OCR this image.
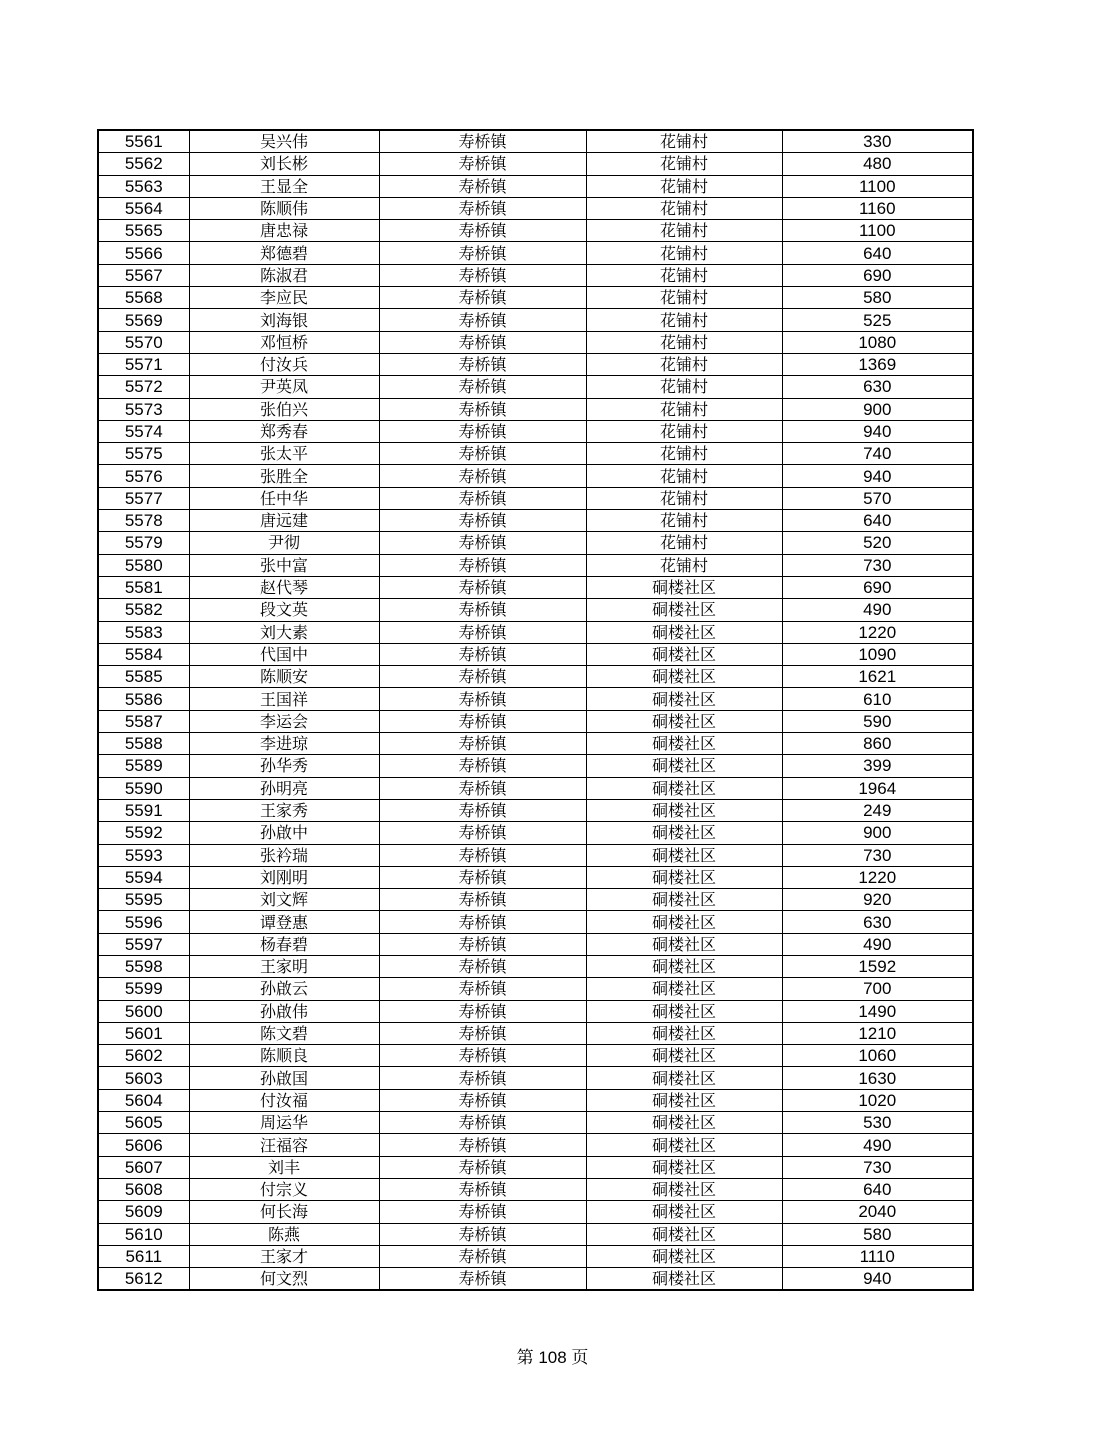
5561	吴兴伟	寿桥镇	花铺村	330
5562	刘长彬	寿桥镇	花铺村	480
5563	王显全	寿桥镇	花铺村	1100
5564	陈顺伟	寿桥镇	花铺村	1160
5565	唐忠禄	寿桥镇	花铺村	1100
5566	郑德碧	寿桥镇	花铺村	640
5567	陈淑君	寿桥镇	花铺村	690
5568	李应民	寿桥镇	花铺村	580
5569	刘海银	寿桥镇	花铺村	525
5570	邓恒桥	寿桥镇	花铺村	1080
5571	付汝兵	寿桥镇	花铺村	1369
5572	尹英凤	寿桥镇	花铺村	630
5573	张伯兴	寿桥镇	花铺村	900
5574	郑秀春	寿桥镇	花铺村	940
5575	张太平	寿桥镇	花铺村	740
5576	张胜全	寿桥镇	花铺村	940
5577	任中华	寿桥镇	花铺村	570
5578	唐远建	寿桥镇	花铺村	640
5579	尹彻	寿桥镇	花铺村	520
5580	张中富	寿桥镇	花铺村	730
5581	赵代琴	寿桥镇	硐楼社区	690
5582	段文英	寿桥镇	硐楼社区	490
5583	刘大素	寿桥镇	硐楼社区	1220
5584	代国中	寿桥镇	硐楼社区	1090
5585	陈顺安	寿桥镇	硐楼社区	1621
5586	王国祥	寿桥镇	硐楼社区	610
5587	李运会	寿桥镇	硐楼社区	590
5588	李进琼	寿桥镇	硐楼社区	860
5589	孙华秀	寿桥镇	硐楼社区	399
5590	孙明亮	寿桥镇	硐楼社区	1964
5591	王家秀	寿桥镇	硐楼社区	249
5592	孙啟中	寿桥镇	硐楼社区	900
5593	张衿瑞	寿桥镇	硐楼社区	730
5594	刘刚明	寿桥镇	硐楼社区	1220
5595	刘文辉	寿桥镇	硐楼社区	920
5596	谭登惠	寿桥镇	硐楼社区	630
5597	杨春碧	寿桥镇	硐楼社区	490
5598	王家明	寿桥镇	硐楼社区	1592
5599	孙啟云	寿桥镇	硐楼社区	700
5600	孙啟伟	寿桥镇	硐楼社区	1490
5601	陈文碧	寿桥镇	硐楼社区	1210
5602	陈顺良	寿桥镇	硐楼社区	1060
5603	孙啟国	寿桥镇	硐楼社区	1630
5604	付汝福	寿桥镇	硐楼社区	1020
5605	周运华	寿桥镇	硐楼社区	530
5606	汪福容	寿桥镇	硐楼社区	490
5607	刘丰	寿桥镇	硐楼社区	730
5608	付宗义	寿桥镇	硐楼社区	640
5609	何长海	寿桥镇	硐楼社区	2040
5610	陈燕	寿桥镇	硐楼社区	580
5611	王家才	寿桥镇	硐楼社区	1110
5612	何文烈	寿桥镇	硐楼社区	940
第 108 页
